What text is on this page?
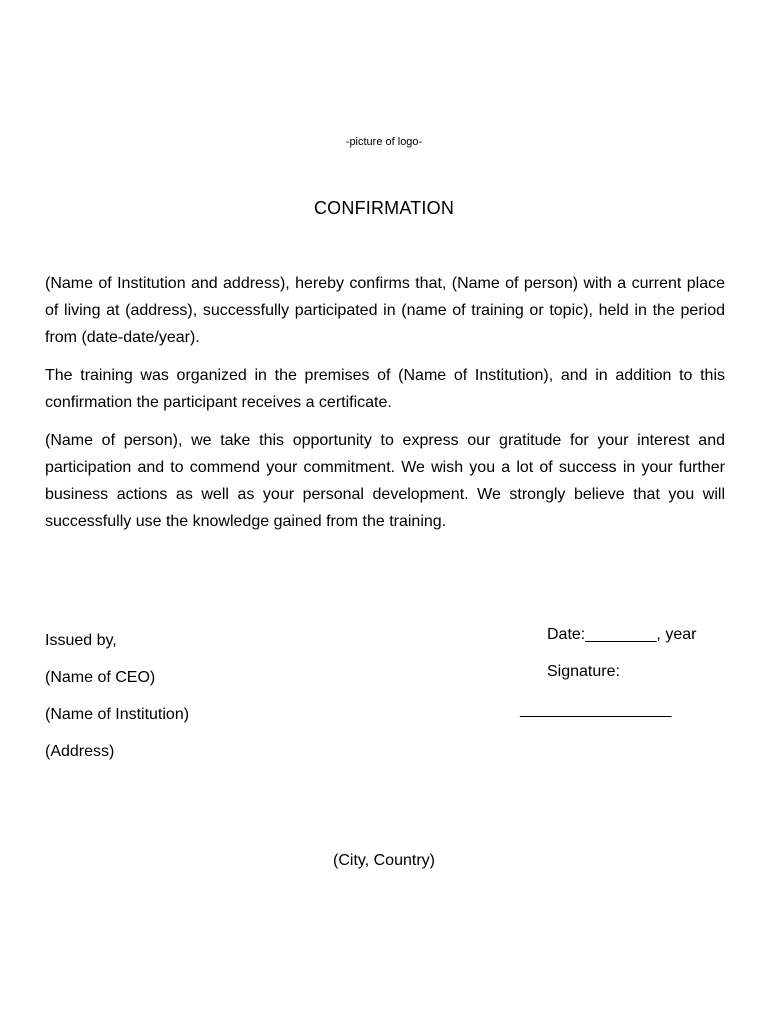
-picture of logo-
CONFIRMATION

(Name of Institution and address), hereby confirms that, (Name of person) with a current place of living at (address), successfully participated in (name of training or topic), held in the period from (date-date/year).

The training was organized in the premises of (Name of Institution), and in addition to this confirmation the participant receives a certificate.

(Name of person), we take this opportunity to express our gratitude for your interest and participation and to commend your commitment. We wish you a lot of success in your further business actions as well as your personal development. We strongly believe that you will successfully use the knowledge gained from the training.

Issued by,
(Name of CEO)
(Name of Institution)
(Address)
Date:________, year
Signature:
_________________
(City, Country)
